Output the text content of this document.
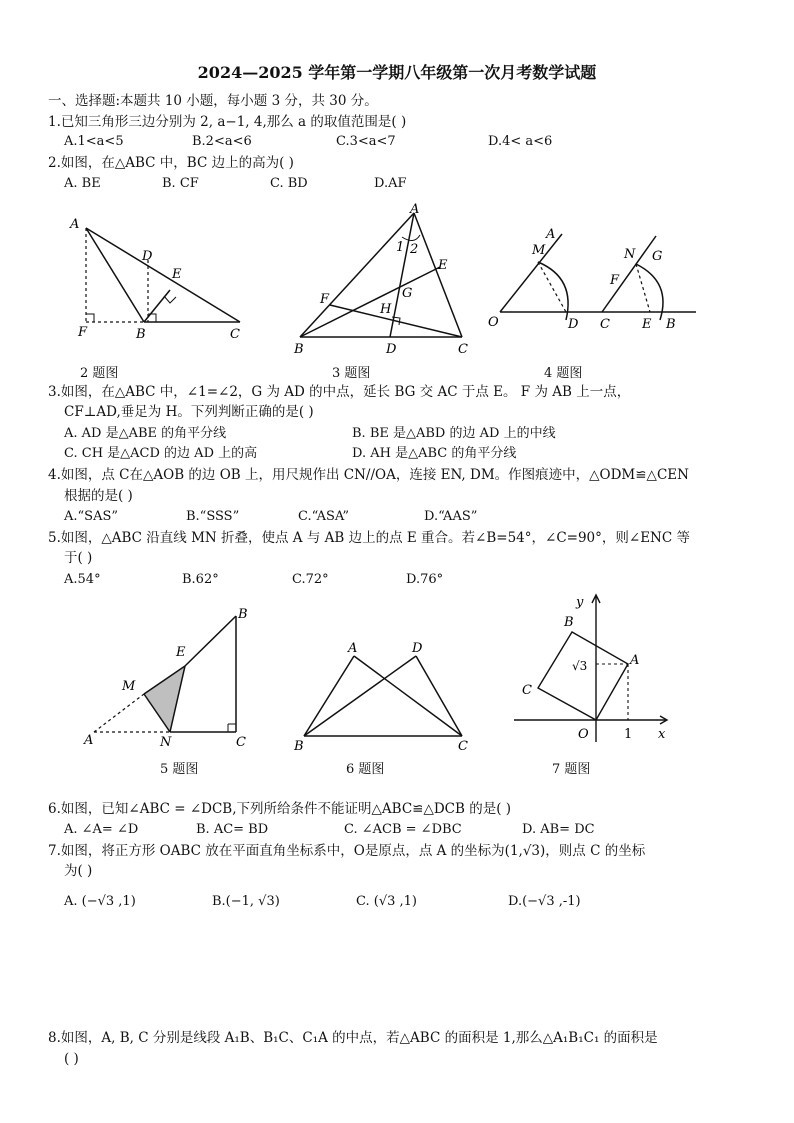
2024—2025 学年第一学期八年级第一次月考数学试题
一、选择题:本题共 10 小题，每小题 3 分，共 30 分。
1.已知三角形三边分别为 2, a−1, 4,那么 a 的取值范围是( )
A.1<a<5	B.2<a<6	C.3<a<7	D.4< a<6
2.如图，在△ABC 中，BC 边上的高为( )
A. BE	B. CF	C. BD	D.AF
A
D
E
F	B	C
2 题图
A
1 2
E
F	G
H
B	D	C
3 题图
A
M
O	D
N G
F
C E B
4 题图
3.如图，在△ABC 中，∠1=∠2，G 为 AD 的中点，延长 BG 交 AC 于点 E。 F 为 AB 上一点，
CF⊥AD,垂足为 H。下列判断正确的是( )
A. AD 是△ABE 的角平分线	B. BE 是△ABD 的边 AD 上的中线
C. CH 是△ACD 的边 AD 上的高	D. AH 是△ABC 的角平分线
4.如图，点 C在△AOB 的边 OB 上，用尺规作出 CN//OA，连接 EN, DM。作图痕迹中，△ODM≌△CEN
根据的是( )
A.“SAS”	B.“SSS”	C.“ASA”	D.“AAS”
5.如图，△ABC 沿直线 MN 折叠，使点 A 与 AB 边上的点 E 重合。若∠B=54°，∠C=90°，则∠ENC 等
于( )
A.54°	B.62°	C.72°	D.76°
B
E
M
A	N	C
5 题图
A	D
B	C
6 题图
y
B
√3	A
C
O	1 x
7 题图
6.如图，已知∠ABC = ∠DCB,下列所给条件不能证明△ABC≌△DCB 的是( )
A. ∠A= ∠D	B. AC= BD	C. ∠ACB = ∠DBC	D. AB= DC
7.如图，将正方形 OABC 放在平面直角坐标系中，O是原点，点 A 的坐标为(1,√3)，则点 C 的坐标
为( )
A. (−√3 ,1)	B.(−1, √3)	C. (√3 ,1)	D.(−√3 ,-1)
8.如图，A, B, C 分别是线段 A₁B、B₁C、C₁A 的中点，若△ABC 的面积是 1,那么△A₁B₁C₁ 的面积是
( )
